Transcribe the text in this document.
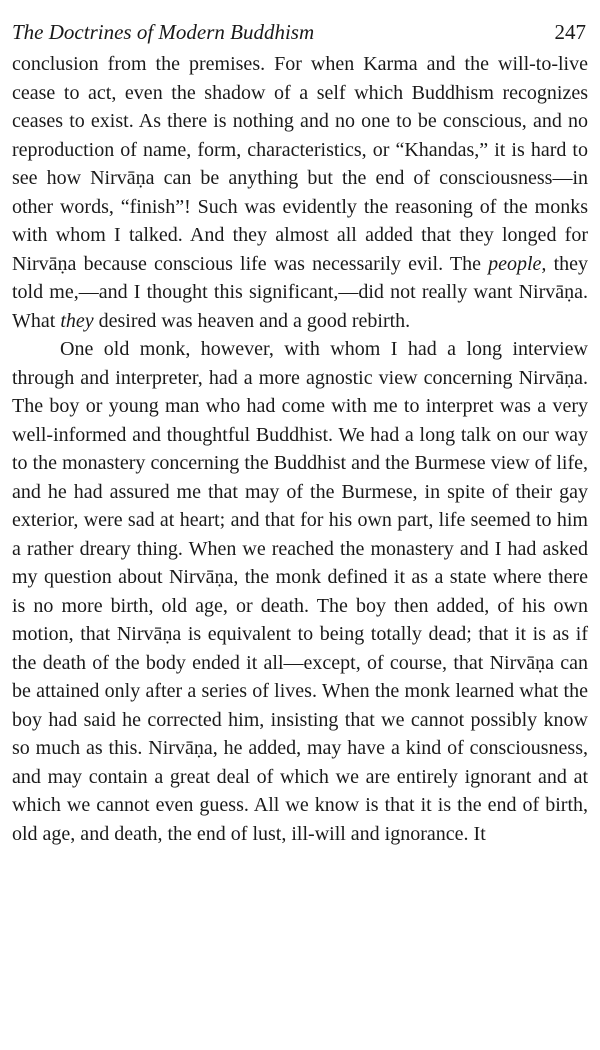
The Doctrines of Modern Buddhism	247

conclusion from the premises. For when Karma and the will-to-live cease to act, even the shadow of a self which Buddhism recognizes ceases to exist. As there is nothing and no one to be conscious, and no reproduction of name, form, characteristics, or “Khandas,” it is hard to see how Nirvāṇa can be anything but the end of consciousness—in other words, “finish”! Such was evidently the reasoning of the monks with whom I talked. And they almost all added that they longed for Nirvāṇa because conscious life was necessarily evil. The people, they told me,—and I thought this significant,—did not really want Nirvāṇa. What they desired was heaven and a good rebirth.

One old monk, however, with whom I had a long interview through and interpreter, had a more agnostic view concerning Nirvāṇa. The boy or young man who had come with me to interpret was a very well-informed and thoughtful Buddhist. We had a long talk on our way to the monastery concerning the Buddhist and the Burmese view of life, and he had assured me that may of the Burmese, in spite of their gay exterior, were sad at heart; and that for his own part, life seemed to him a rather dreary thing. When we reached the monastery and I had asked my question about Nirvāṇa, the monk defined it as a state where there is no more birth, old age, or death. The boy then added, of his own motion, that Nirvāṇa is equivalent to being totally dead; that it is as if the death of the body ended it all—except, of course, that Nirvāṇa can be attained only after a series of lives. When the monk learned what the boy had said he corrected him, insisting that we cannot possibly know so much as this. Nirvāṇa, he added, may have a kind of consciousness, and may contain a great deal of which we are entirely ignorant and at which we cannot even guess. All we know is that it is the end of birth, old age, and death, the end of lust, ill-will and ignorance. It
